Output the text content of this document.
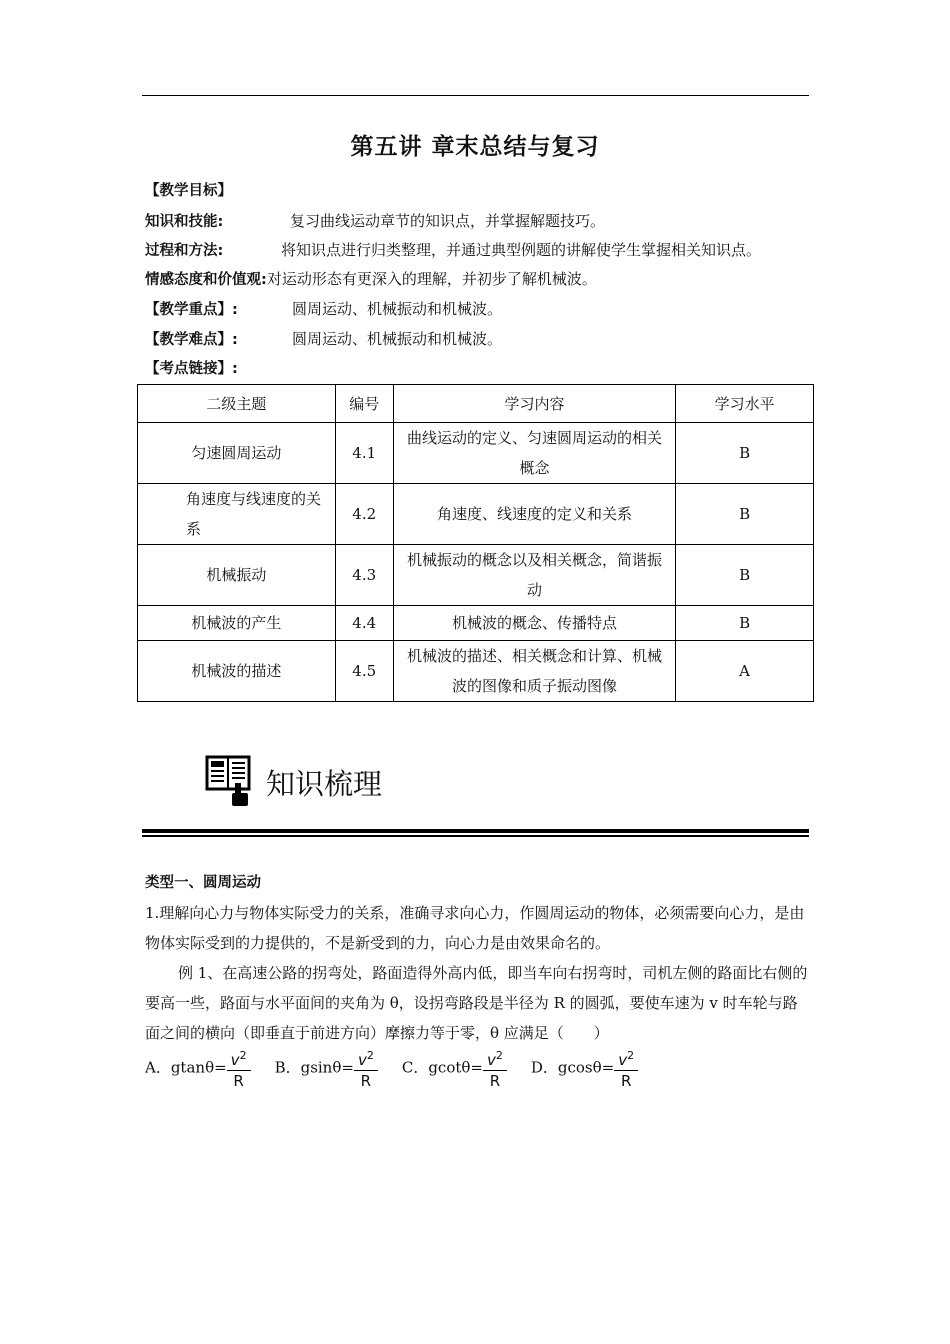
第五讲 章末总结与复习
【教学目标】
知识和技能:	复习曲线运动章节的知识点，并掌握解题技巧。
过程和方法:	将知识点进行归类整理，并通过典型例题的讲解使学生掌握相关知识点。
情感态度和价值观:对运动形态有更深入的理解，并初步了解机械波。
【教学重点】:	圆周运动、机械振动和机械波。
【教学难点】:	圆周运动、机械振动和机械波。
【考点链接】:
二级主题	编号	学习内容	学习水平
匀速圆周运动	4.1	曲线运动的定义、匀速圆周运动的相关概念	B
角速度与线速度的关系	4.2	角速度、线速度的定义和关系	B
机械振动	4.3	机械振动的概念以及相关概念，简谐振动	B
机械波的产生	4.4	机械波的概念、传播特点	B
机械波的描述	4.5	机械波的描述、相关概念和计算、机械波的图像和质子振动图像	A
知识梳理
类型一、圆周运动
1.理解向心力与物体实际受力的关系，准确寻求向心力，作圆周运动的物体，必须需要向心力，是由物体实际受到的力提供的，不是新受到的力，向心力是由效果命名的。
例 1、在高速公路的拐弯处，路面造得外高内低，即当车向右拐弯时，司机左侧的路面比右侧的要高一些，路面与水平面间的夹角为 θ，设拐弯路段是半径为 R 的圆弧，要使车速为 v 时车轮与路面之间的横向（即垂直于前进方向）摩擦力等于零，θ 应满足（　　）
A．$gtan\theta= \frac{v^2}{R}$ B．$gsin\theta= \frac{v^2}{R}$ C．$gcot\theta= \frac{v^2}{R}$ D．$gcos\theta= \frac{v^2}{R}$
